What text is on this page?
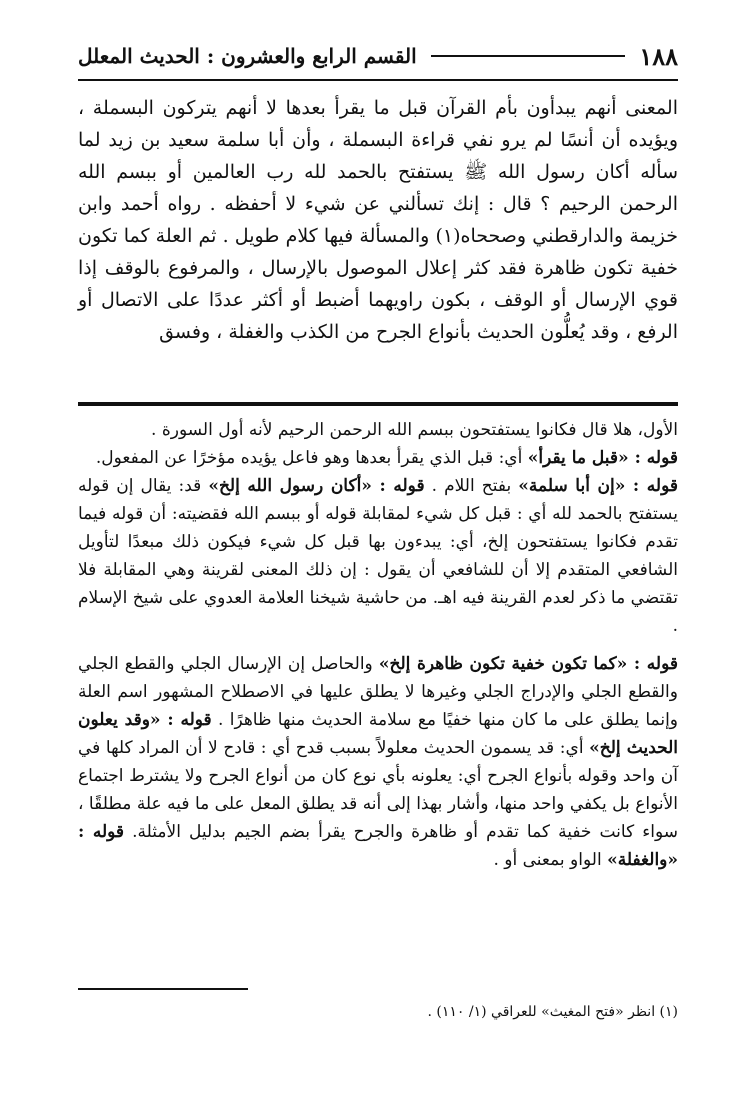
١٨٨
القسم الرابع والعشرون : الحديث المعلل
المعنى أنهم يبدأون بأم القرآن قبل ما يقرأ بعدها لا أنهم يتركون البسملة ، ويؤيده أن أنسًا لم يرو نفي قراءة البسملة ، وأن أبا سلمة سعيد بن زيد لما سأله أكان رسول الله ﷺ يستفتح بالحمد لله رب العالمين أو ببسم الله الرحمن الرحيم ؟ قال : إنك تسألني عن شيء لا أحفظه . رواه أحمد وابن خزيمة والدارقطني وصححاه(١) والمسألة فيها كلام طويل . ثم العلة كما تكون خفية تكون ظاهرة فقد كثر إعلال الموصول بالإرسال ، والمرفوع بالوقف إذا قوي الإرسال أو الوقف ، بكون راويهما أضبط أو أكثر عددًا على الاتصال أو الرفع ، وقد يُعلُّون الحديث بأنواع الجرح من الكذب والغفلة ، وفسق

الأول، هلا قال فكانوا يستفتحون ببسم الله الرحمن الرحيم لأنه أول السورة .
قوله : «قبل ما يقرأ» أي: قبل الذي يقرأ بعدها وهو فاعل يؤيده مؤخرًا عن المفعول.
قوله : «إن أبا سلمة» بفتح اللام . قوله : «أكان رسول الله إلخ» قد: يقال إن قوله يستفتح بالحمد لله أي : قبل كل شيء لمقابلة قوله أو ببسم الله فقضيته: أن قوله فيما تقدم فكانوا يستفتحون إلخ، أي: يبدءون بها قبل كل شيء فيكون ذلك مبعدًا لتأويل الشافعي المتقدم إلا أن للشافعي أن يقول : إن ذلك المعنى لقرينة وهي المقابلة فلا تقتضي ما ذكر لعدم القرينة فيه اهـ. من حاشية شيخنا العلامة العدوي على شيخ الإسلام .

قوله : «كما تكون خفية تكون ظاهرة إلخ» والحاصل إن الإرسال الجلي والقطع الجلي والقطع الجلي والإدراج الجلي وغيرها لا يطلق عليها في الاصطلاح المشهور اسم العلة وإنما يطلق على ما كان منها خفيًا مع سلامة الحديث منها ظاهرًا . قوله : «وقد يعلون الحديث إلخ» أي: قد يسمون الحديث معلولاً بسبب قدح أي : قادح لا أن المراد كلها في آن واحد وقوله بأنواع الجرح أي: يعلونه بأي نوع كان من أنواع الجرح ولا يشترط اجتماع الأنواع بل يكفي واحد منها، وأشار بهذا إلى أنه قد يطلق المعل على ما فيه علة مطلقًا ، سواء كانت خفية كما تقدم أو ظاهرة والجرح يقرأ بضم الجيم بدليل الأمثلة. قوله : «والغفلة» الواو بمعنى أو .

(١) انظر «فتح المغيث» للعراقي (١/ ١١٠) .
